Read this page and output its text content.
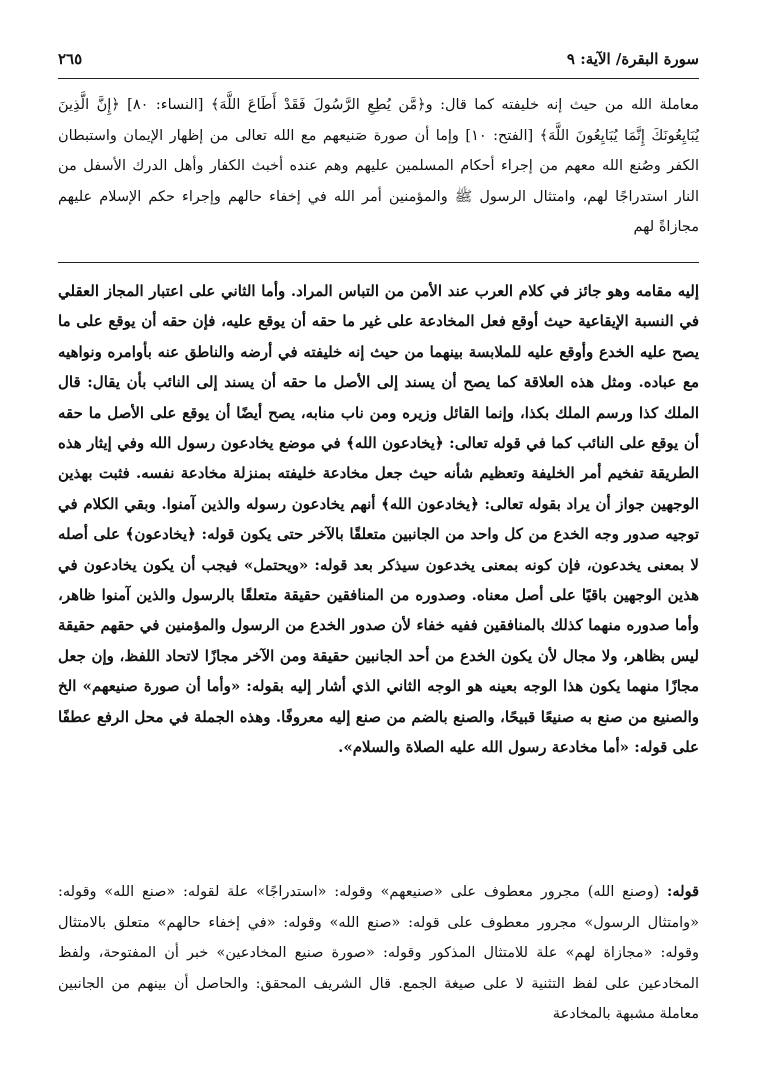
سورة البقرة/ الآية: ٩
٢٦٥

معاملة الله من حيث إنه خليفته كما قال: و﴿مَّن يُطِعِ الرَّسُولَ فَقَدْ أَطَاعَ اللَّهَ﴾ [النساء: ٨٠] ﴿إِنَّ الَّذِينَ يُبَايِعُونَكَ إِنَّمَا يُبَايِعُونَ اللَّهَ﴾ [الفتح: ١٠] وإما أن صورة صَنيعهم مع الله تعالى من إظهار الإيمان واستبطان الكفر وصُنع الله معهم من إجراء أحكام المسلمين عليهم وهم عنده أخبث الكفار وأهل الدرك الأسفل من النار استدراجًا لهم، وامتثال الرسول ﷺ والمؤمنين أمر الله في إخفاء حالهم وإجراء حكم الإسلام عليهم مجازاةً لهم

إليه مقامه وهو جائز في كلام العرب عند الأمن من التباس المراد. وأما الثاني على اعتبار المجاز العقلي في النسبة الإيقاعية حيث أوقع فعل المخادعة على غير ما حقه أن يوقع عليه، فإن حقه أن يوقع على ما يصح عليه الخدع وأوقع عليه للملابسة بينهما من حيث إنه خليفته في أرضه والناطق عنه بأوامره ونواهيه مع عباده. ومثل هذه العلاقة كما يصح أن يسند إلى الأصل ما حقه أن يسند إلى النائب بأن يقال: قال الملك كذا ورسم الملك بكذا، وإنما القائل وزيره ومن ناب منابه، يصح أيضًا أن يوقع على الأصل ما حقه أن يوقع على النائب كما في قوله تعالى: ﴿يخادعون الله﴾ في موضع يخادعون رسول الله وفي إيثار هذه الطريقة تفخيم أمر الخليفة وتعظيم شأنه حيث جعل مخادعة خليفته بمنزلة مخادعة نفسه. فثبت بهذين الوجهين جواز أن يراد بقوله تعالى: ﴿يخادعون الله﴾ أنهم يخادعون رسوله والذين آمنوا. وبقي الكلام في توجيه صدور وجه الخدع من كل واحد من الجانبين متعلقًا بالآخر حتى يكون قوله: ﴿يخادعون﴾ على أصله لا بمعنى يخدعون، فإن كونه بمعنى يخدعون سيذكر بعد قوله: «ويحتمل» فيجب أن يكون يخادعون في هذين الوجهين باقيًا على أصل معناه. وصدوره من المنافقين حقيقة متعلقًا بالرسول والذين آمنوا ظاهر، وأما صدوره منهما كذلك بالمنافقين ففيه خفاء لأن صدور الخدع من الرسول والمؤمنين في حقهم حقيقة ليس بظاهر، ولا مجال لأن يكون الخدع من أحد الجانبين حقيقة ومن الآخر مجازًا لاتحاد اللفظ، وإن جعل مجازًا منهما يكون هذا الوجه بعينه هو الوجه الثاني الذي أشار إليه بقوله: «وأما أن صورة صنيعهم» الخ والصنيع من صنع به صنيعًا قبيحًا، والصنع بالضم من صنع إليه معروفًا. وهذه الجملة في محل الرفع عطفًا على قوله: «أما مخادعة رسول الله عليه الصلاة والسلام».

قوله: (وصنع الله) مجرور معطوف على «صنيعهم» وقوله: «استدراجًا» علة لقوله: «صنع الله» وقوله: «وامتثال الرسول» مجرور معطوف على قوله: «صنع الله» وقوله: «في إخفاء حالهم» متعلق بالامتثال وقوله: «مجازاة لهم» علة للامتثال المذكور وقوله: «صورة صنيع المخادعين» خبر أن المفتوحة، ولفظ المخادعين على لفظ التثنية لا على صيغة الجمع. قال الشريف المحقق: والحاصل أن بينهم من الجانبين معاملة مشبهة بالمخادعة
